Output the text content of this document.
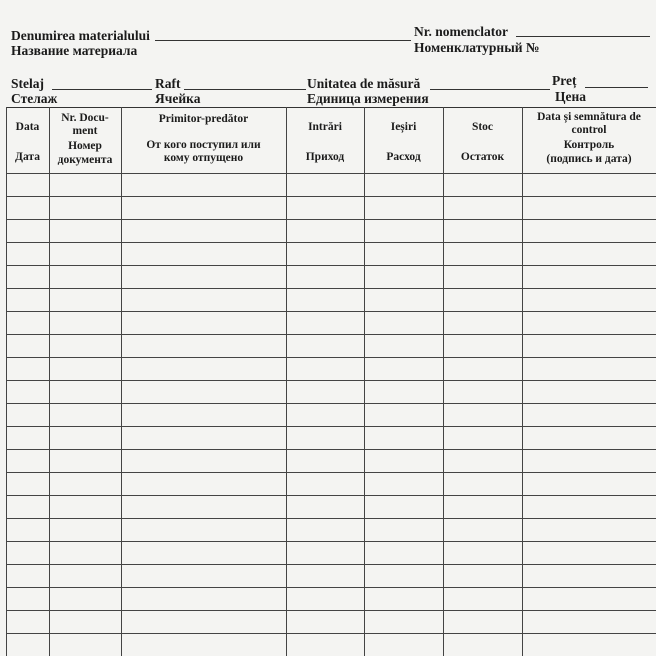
Denumirea materialului
Название материала
Nr. nomenclator
Номенклатурный №
Stelaj
Стелаж
Raft
Ячейка
Unitatea de măsură
Единица измерения
Preț
Цена
Data
Дата
Nr. Docu-
ment
Номер
документа
Primitor-predător
От кого поступил или
кому отпущено
Intrări
Приход
Ieșiri
Расход
Stoc
Остаток
Data și semnătura de
control
Контроль
(подпись и дата)
